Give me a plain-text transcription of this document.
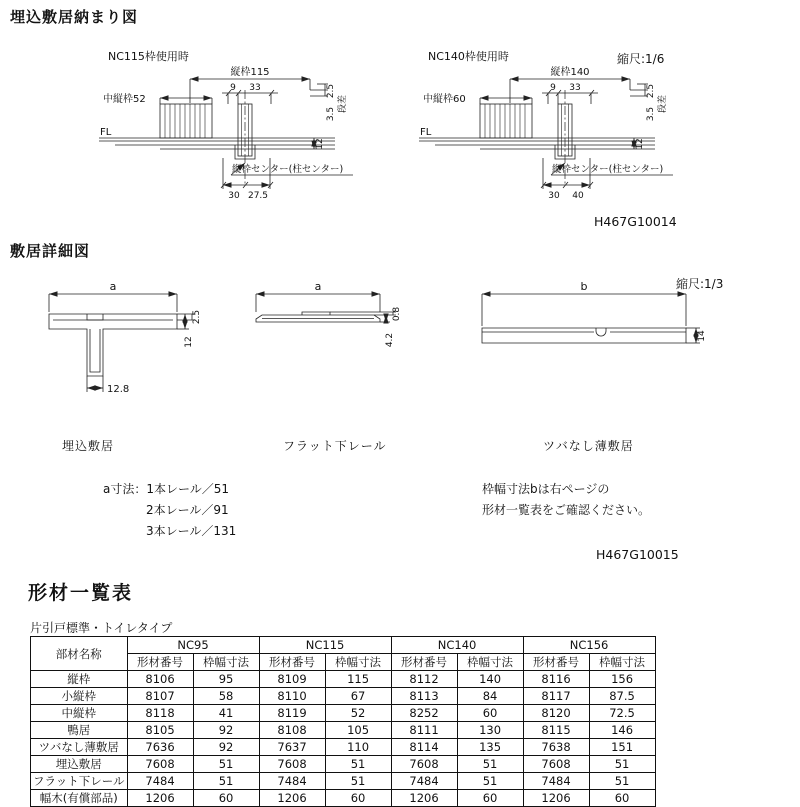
埋込敷居納まり図
縮尺:1/6
H467G10014
NC115枠使用時
縦枠115
9 33
中縦枠52
FL
2.5
段差
3.5
12
縦枠センター(柱センター)
30 27.5
NC140枠使用時
縦枠140
9 33
中縦枠60
FL
2.5
段差
3.5
12
縦枠センター(柱センター)
30 40
敷居詳細図
縮尺:1/3
H467G10015
a
2.5
12
12.8
a
0.8
4.2
b
14
埋込敷居	フラット下レール	ツバなし薄敷居
a寸法：1本レール／51
2本レール／91
3本レール／131
枠幅寸法bは右ページの
形材一覧表をご確認ください。
形材一覧表
片引戸標準・トイレタイプ
部材名称	NC95		NC115		NC140		NC156	
	形材番号	枠幅寸法	形材番号	枠幅寸法	形材番号	枠幅寸法	形材番号	枠幅寸法
縦枠	8106	95	8109	115	8112	140	8116	156
小縦枠	8107	58	8110	67	8113	84	8117	87.5
中縦枠	8118	41	8119	52	8252	60	8120	72.5
鴨居	8105	92	8108	105	8111	130	8115	146
ツバなし薄敷居	7636	92	7637	110	8114	135	7638	151
埋込敷居	7608	51	7608	51	7608	51	7608	51
フラット下レール	7484	51	7484	51	7484	51	7484	51
幅木(有償部品)	1206	60	1206	60	1206	60	1206	60
